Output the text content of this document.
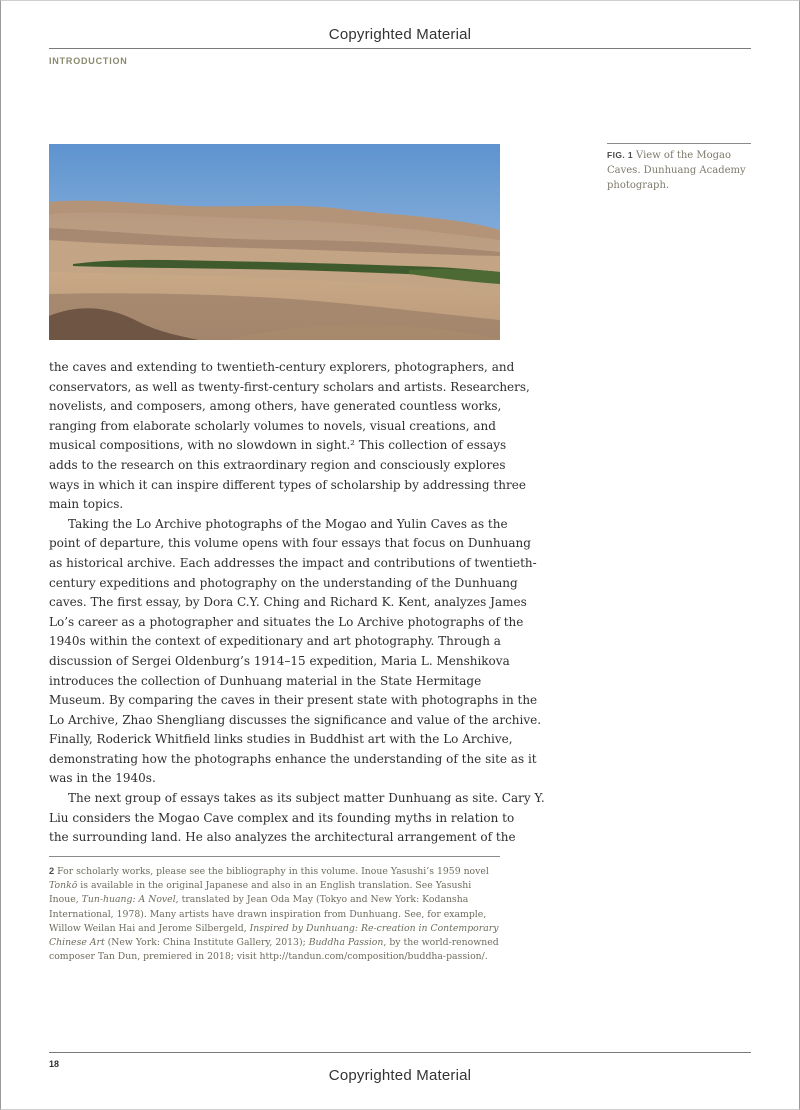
Copyrighted Material
INTRODUCTION
FIG. 1 View of the Mogao Caves. Dunhuang Academy photograph.

the caves and extending to twentieth-century explorers, photographers, and

conservators, as well as twenty-first-century scholars and artists. Researchers,

novelists, and composers, among others, have generated countless works,

ranging from elaborate scholarly volumes to novels, visual creations, and

musical compositions, with no slowdown in sight.² This collection of essays

adds to the research on this extraordinary region and consciously explores

ways in which it can inspire different types of scholarship by addressing three

main topics.

Taking the Lo Archive photographs of the Mogao and Yulin Caves as the

point of departure, this volume opens with four essays that focus on Dunhuang

as historical archive. Each addresses the impact and contributions of twentieth-

century expeditions and photography on the understanding of the Dunhuang

caves. The first essay, by Dora C.Y. Ching and Richard K. Kent, analyzes James

Lo’s career as a photographer and situates the Lo Archive photographs of the

1940s within the context of expeditionary and art photography. Through a

discussion of Sergei Oldenburg’s 1914–15 expedition, Maria L. Menshikova

introduces the collection of Dunhuang material in the State Hermitage

Museum. By comparing the caves in their present state with photographs in the

Lo Archive, Zhao Shengliang discusses the significance and value of the archive.

Finally, Roderick Whitfield links studies in Buddhist art with the Lo Archive,

demonstrating how the photographs enhance the understanding of the site as it

was in the 1940s.

The next group of essays takes as its subject matter Dunhuang as site. Cary Y.

Liu considers the Mogao Cave complex and its founding myths in relation to

the surrounding land. He also analyzes the architectural arrangement of the

2 For scholarly works, please see the bibliography in this volume. Inoue Yasushi’s 1959 novel

Tonkō is available in the original Japanese and also in an English translation. See Yasushi

Inoue, Tun-huang: A Novel, translated by Jean Oda May (Tokyo and New York: Kodansha

International, 1978). Many artists have drawn inspiration from Dunhuang. See, for example,

Willow Weilan Hai and Jerome Silbergeld, Inspired by Dunhuang: Re-creation in Contemporary

Chinese Art (New York: China Institute Gallery, 2013); Buddha Passion, by the world-renowned

composer Tan Dun, premiered in 2018; visit http://tandun.com/composition/buddha-passion/.

18
Copyrighted Material
